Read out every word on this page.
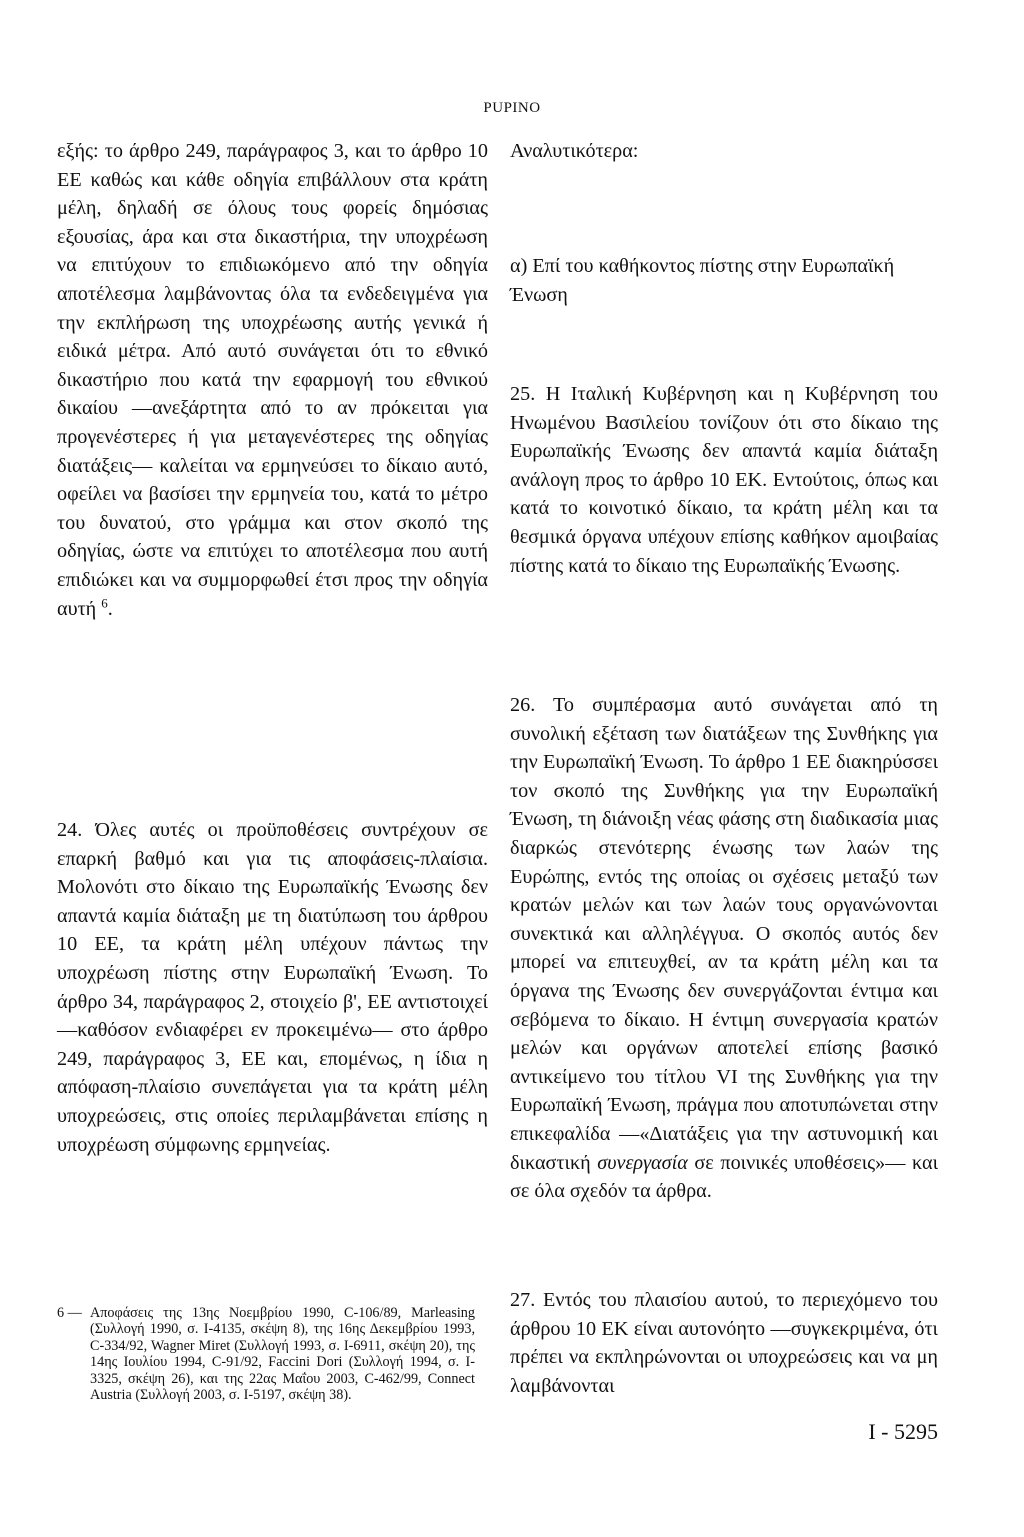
PUPINO

εξής: το άρθρο 249, παράγραφος 3, και το άρθρο 10 ΕΕ καθώς και κάθε οδηγία επιβάλλουν στα κράτη μέλη, δηλαδή σε όλους τους φορείς δημόσιας εξουσίας, άρα και στα δικαστήρια, την υποχρέωση να επιτύχουν το επιδιωκόμενο από την οδηγία αποτέλεσμα λαμβάνοντας όλα τα ενδεδειγμένα για την εκπλήρωση της υποχρέωσης αυτής γενικά ή ειδικά μέτρα. Από αυτό συνάγεται ότι το εθνικό δικαστήριο που κατά την εφαρμογή του εθνικού δικαίου —ανεξάρτητα από το αν πρόκειται για προγενέστερες ή για μεταγενέστερες της οδηγίας διατάξεις— καλείται να ερμηνεύσει το δίκαιο αυτό, οφείλει να βασίσει την ερμηνεία του, κατά το μέτρο του δυνατού, στο γράμμα και στον σκοπό της οδηγίας, ώστε να επιτύχει το αποτέλεσμα που αυτή επιδιώκει και να συμμορφωθεί έτσι προς την οδηγία αυτή $^6$.

24. Όλες αυτές οι προϋποθέσεις συντρέχουν σε επαρκή βαθμό και για τις αποφάσεις-πλαίσια. Μολονότι στο δίκαιο της Ευρωπαϊκής Ένωσης δεν απαντά καμία διάταξη με τη διατύπωση του άρθρου 10 ΕΕ, τα κράτη μέλη υπέχουν πάντως την υποχρέωση πίστης στην Ευρωπαϊκή Ένωση. Το άρθρο 34, παράγραφος 2, στοιχείο β', ΕΕ αντιστοιχεί —καθόσον ενδιαφέρει εν προκειμένω— στο άρθρο 249, παράγραφος 3, ΕΕ και, επομένως, η ίδια η απόφαση-πλαίσιο συνεπάγεται για τα κράτη μέλη υποχρεώσεις, στις οποίες περιλαμβάνεται επίσης η υποχρέωση σύμφωνης ερμηνείας.

Αναλυτικότερα:

α) Επί του καθήκοντος πίστης στην Ευρωπαϊκή Ένωση

25. Η Ιταλική Κυβέρνηση και η Κυβέρνηση του Ηνωμένου Βασιλείου τονίζουν ότι στο δίκαιο της Ευρωπαϊκής Ένωσης δεν απαντά καμία διάταξη ανάλογη προς το άρθρο 10 ΕΚ. Εντούτοις, όπως και κατά το κοινοτικό δίκαιο, τα κράτη μέλη και τα θεσμικά όργανα υπέχουν επίσης καθήκον αμοιβαίας πίστης κατά το δίκαιο της Ευρωπαϊκής Ένωσης.

26. Το συμπέρασμα αυτό συνάγεται από τη συνολική εξέταση των διατάξεων της Συνθήκης για την Ευρωπαϊκή Ένωση. Το άρθρο 1 ΕΕ διακηρύσσει τον σκοπό της Συνθήκης για την Ευρωπαϊκή Ένωση, τη διάνοιξη νέας φάσης στη διαδικασία μιας διαρκώς στενότερης ένωσης των λαών της Ευρώπης, εντός της οποίας οι σχέσεις μεταξύ των κρατών μελών και των λαών τους οργανώνονται συνεκτικά και αλληλέγγυα. Ο σκοπός αυτός δεν μπορεί να επιτευχθεί, αν τα κράτη μέλη και τα όργανα της Ένωσης δεν συνεργάζονται έντιμα και σεβόμενα το δίκαιο. Η έντιμη συνεργασία κρατών μελών και οργάνων αποτελεί επίσης βασικό αντικείμενο του τίτλου VI της Συνθήκης για την Ευρωπαϊκή Ένωση, πράγμα που αποτυπώνεται στην επικεφαλίδα —«Διατάξεις για την αστυνομική και δικαστική συνεργασία σε ποινικές υποθέσεις»— και σε όλα σχεδόν τα άρθρα.

27. Εντός του πλαισίου αυτού, το περιεχόμενο του άρθρου 10 ΕΚ είναι αυτονόητο —συγκεκριμένα, ότι πρέπει να εκπληρώνονται οι υποχρεώσεις και να μη λαμβάνονται

6 — Αποφάσεις της 13ης Νοεμβρίου 1990, C-106/89, Marleasing (Συλλογή 1990, σ. I-4135, σκέψη 8), της 16ης Δεκεμβρίου 1993, C-334/92, Wagner Miret (Συλλογή 1993, σ. I-6911, σκέψη 20), της 14ης Ιουλίου 1994, C-91/92, Faccini Dori (Συλλογή 1994, σ. I-3325, σκέψη 26), και της 22ας Μαΐου 2003, C-462/99, Connect Austria (Συλλογή 2003, σ. I-5197, σκέψη 38).

I - 5295
